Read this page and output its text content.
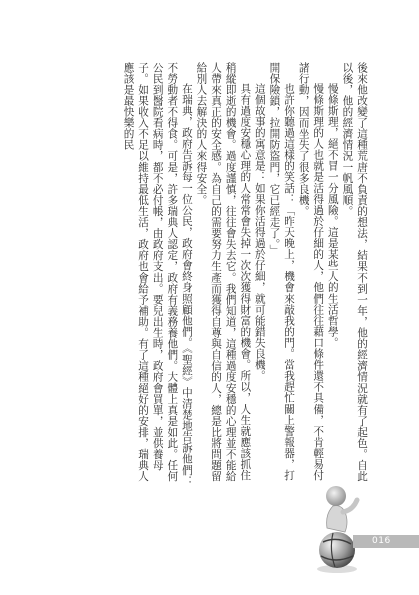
後來他改變了這種荒唐不負責的想法，結果不到一年，他的經濟情況就有了起色。自此以後，他的經濟情況一帆風順。

慢條斯理，絕不冒一分風險。這是某些人的生活哲學。

慢條斯理的人也就是活得過於仔細的人，他們往往藉口條件還不具備，不肯輕易付諸行動，因而坐失了很多良機。

也許你聽過這樣的笑話：「昨天晚上，機會來敲我的門。當我趕忙關上警報器，打開保險鎖，拉開防盜門，它已經走了。」

這個故事的寓意是：如果你活得過於仔細，就可能錯失良機。

具有過度安穩心理的人常常會失掉一次次獲得財富的機會。所以，人生就應該抓住稍縱即逝的機會。過度謹慎，往往會失去它。我們知道，這種過度安穩的心理並不能給人帶來真正的安全感。為自己的需要努力生產而獲得自尊與自信的人，總是比將問題留給別人去解決的人來得安全。

在瑞典，政府告訴每一位公民，政府會終身照顧他們。《聖經》中清楚地告訴他們：不勞動者不得食。可是，許多瑞典人認定，政府有義務養他們。大體上真是如此。任何公民到醫院看病時，都不必付帳，由政府支出。要兒出生時，政府會買單，並供養母子。如果收入不足以維持最低生活，政府也會給予補助。有了這種絕好的安排，瑞典人應該是最快樂的民

016
